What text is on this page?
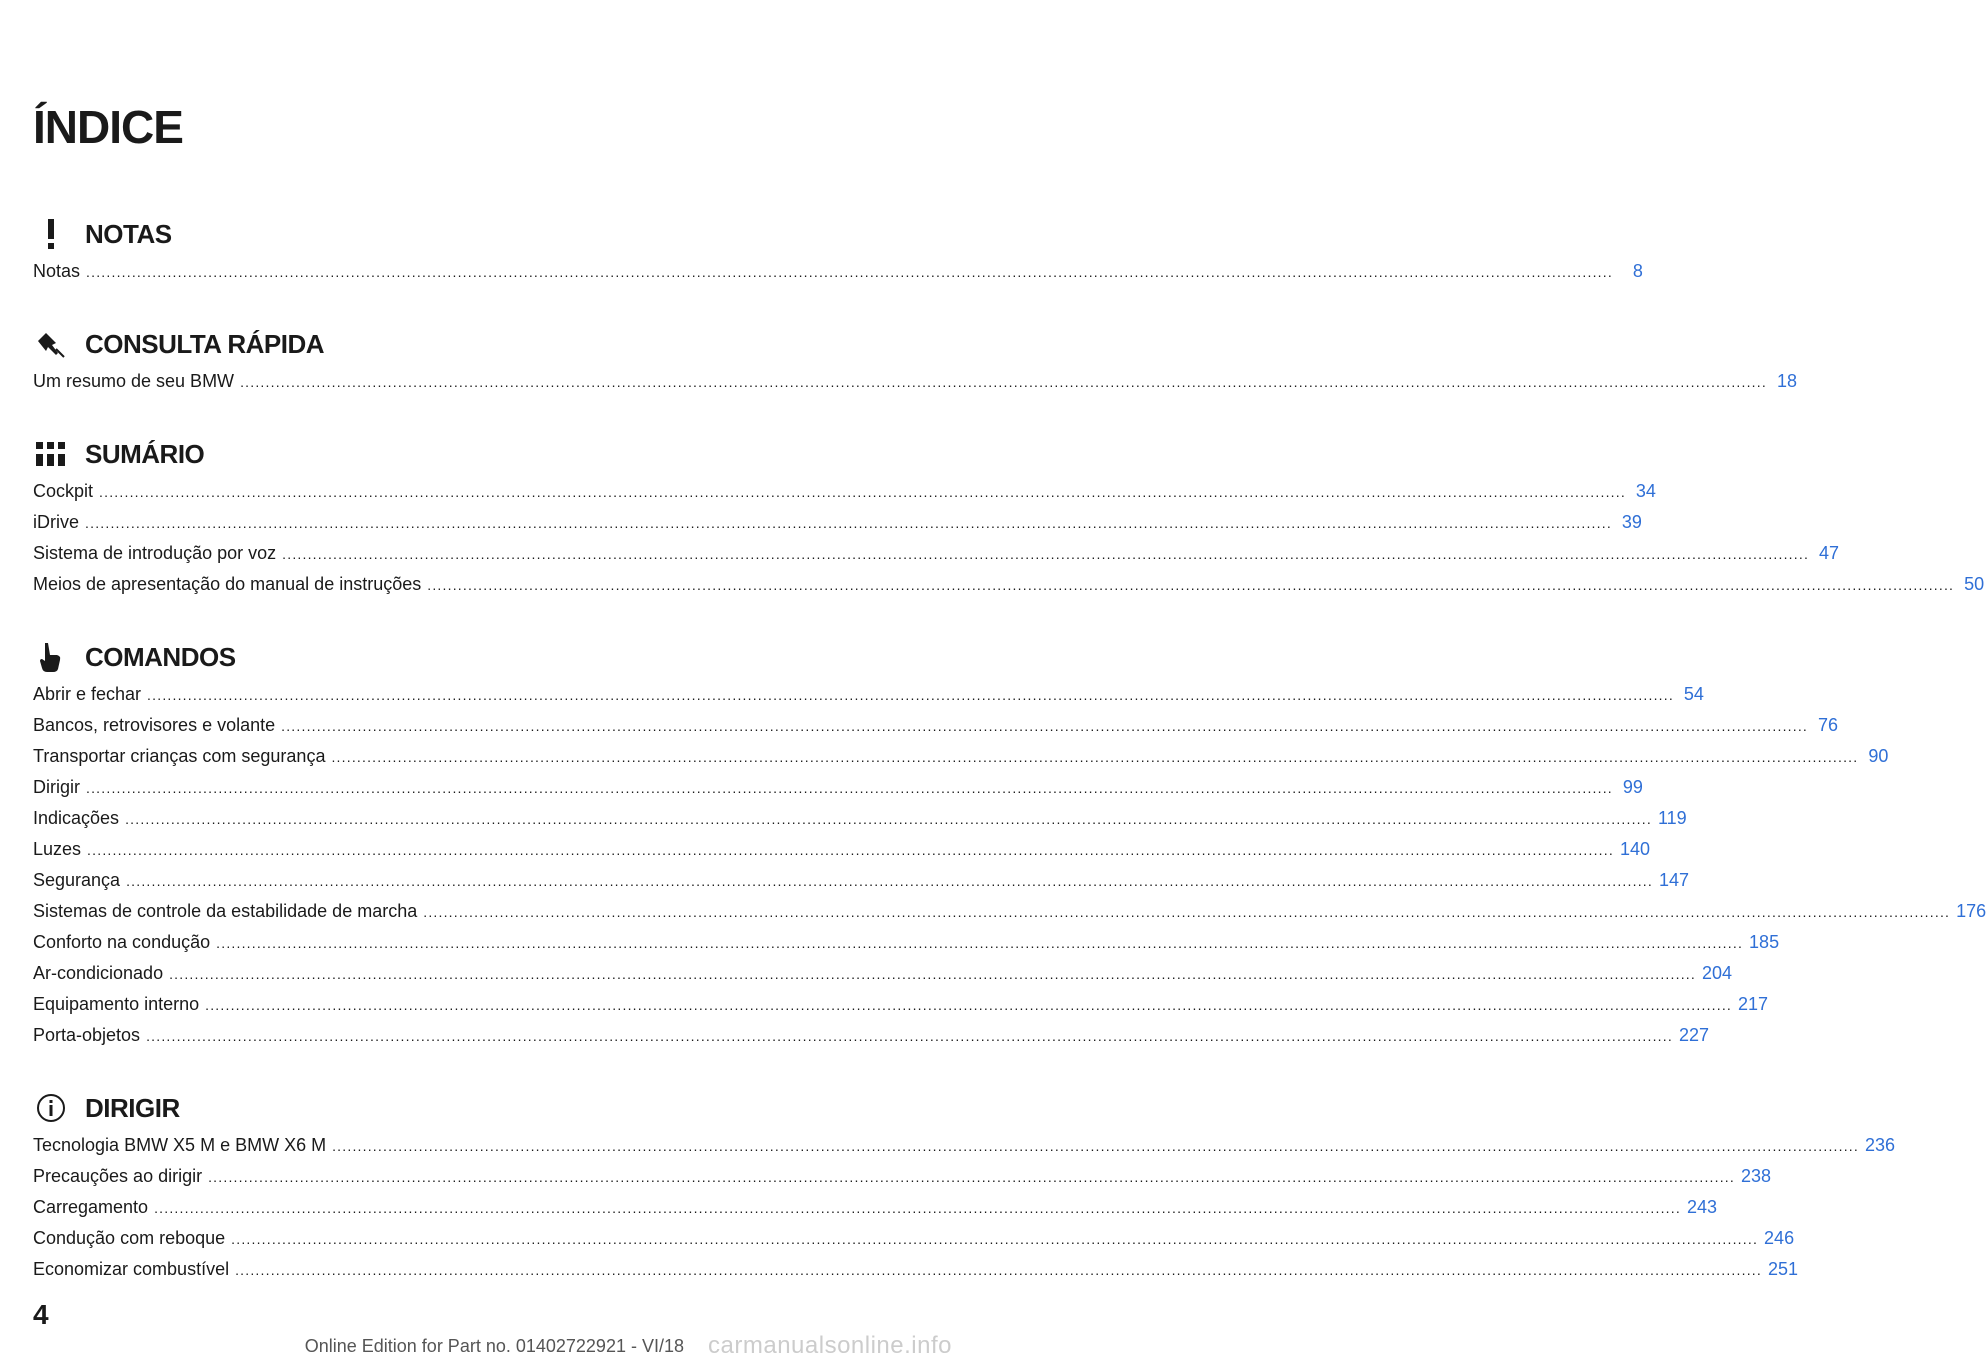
ÍNDICE
NOTAS
Notas ............................................................................................................................................................................................................................................................................................................	8
CONSULTA RÁPIDA
Um resumo de seu BMW ............................................................................................................................................................................................................................................................................................................ 18
SUMÁRIO
Cockpit ............................................................................................................................................................................................................................................................................................................ 34
iDrive ............................................................................................................................................................................................................................................................................................................ 39
Sistema de introdução por voz ............................................................................................................................................................................................................................................................................................................ 47
Meios de apresentação do manual de instruções ............................................................................................................................................................................................................................................................................................................ 50
COMANDOS
Abrir e fechar ............................................................................................................................................................................................................................................................................................................ 54
Bancos, retrovisores e volante ............................................................................................................................................................................................................................................................................................................ 76
Transportar crianças com segurança ............................................................................................................................................................................................................................................................................................................ 90
Dirigir ............................................................................................................................................................................................................................................................................................................ 99
Indicações ............................................................................................................................................................................................................................................................................................................ 119
Luzes ............................................................................................................................................................................................................................................................................................................ 140
Segurança ............................................................................................................................................................................................................................................................................................................ 147
Sistemas de controle da estabilidade de marcha ............................................................................................................................................................................................................................................................................................................ 176
Conforto na condução ............................................................................................................................................................................................................................................................................................................ 185
Ar-condicionado ............................................................................................................................................................................................................................................................................................................ 204
Equipamento interno ............................................................................................................................................................................................................................................................................................................ 217
Porta-objetos ............................................................................................................................................................................................................................................................................................................ 227
DIRIGIR
Tecnologia BMW X5 M e BMW X6 M ............................................................................................................................................................................................................................................................................................................ 236
Precauções ao dirigir ............................................................................................................................................................................................................................................................................................................ 238
Carregamento ............................................................................................................................................................................................................................................................................................................ 243
Condução com reboque ............................................................................................................................................................................................................................................................................................................ 246
Economizar combustível ............................................................................................................................................................................................................................................................................................................ 251
4
Online Edition for Part no. 01402722921 - VI/18 carmanualsonline.info
